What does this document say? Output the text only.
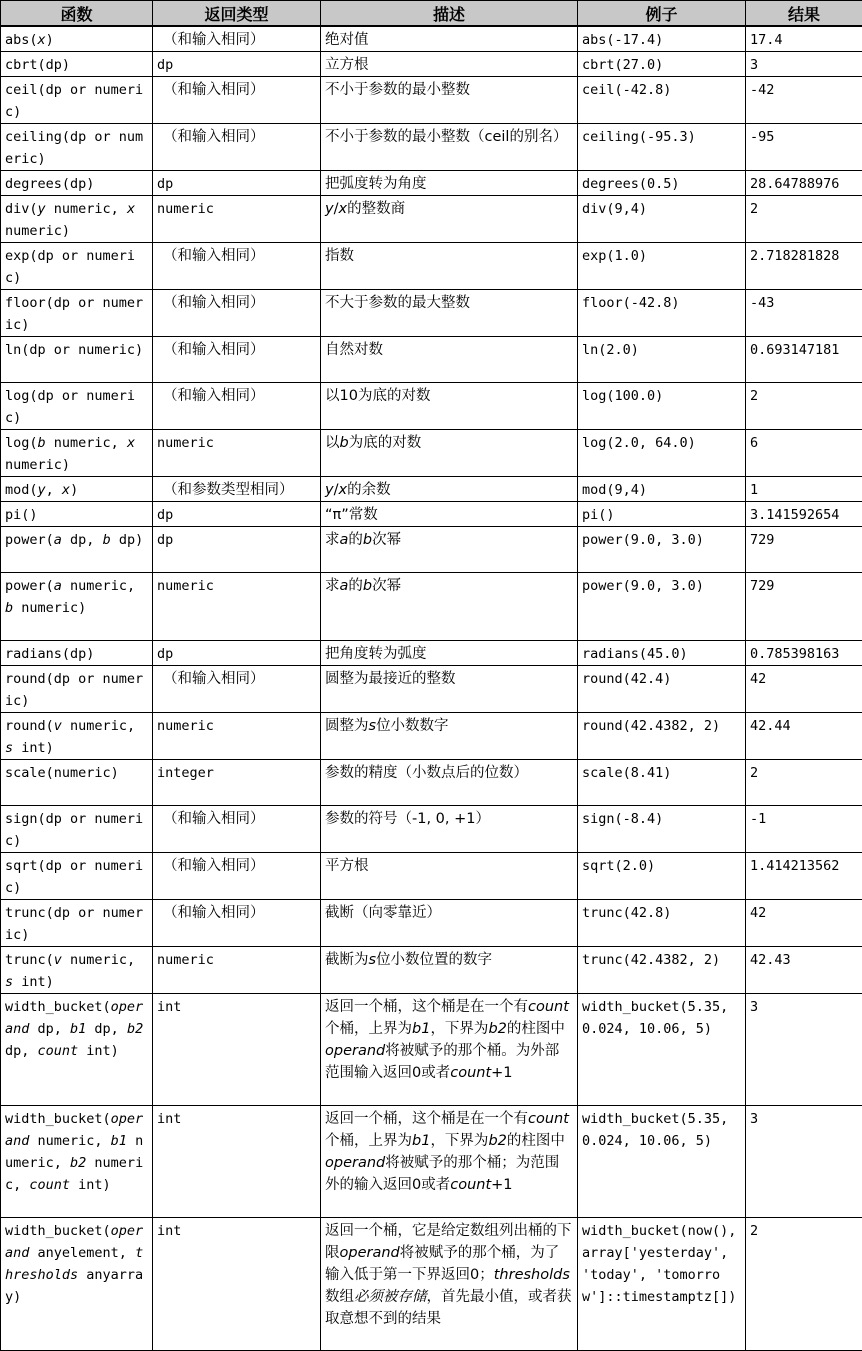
函数	返回类型	描述	例子	结果
abs(x)	（和输入相同）	绝对值	abs(-17.4)	17.4
cbrt(dp)	dp	立方根	cbrt(27.0)	3
ceil(dp or numeric)	（和输入相同）	不小于参数的最小整数	ceil(-42.8)	-42
ceiling(dp or numeric)	（和输入相同）	不小于参数的最小整数（ceil的别名）	ceiling(-95.3)	-95
degrees(dp)	dp	把弧度转为角度	degrees(0.5)	28.64788976
div(y numeric, x numeric)	numeric	y/x的整数商	div(9,4)	2
exp(dp or numeric)	（和输入相同）	指数	exp(1.0)	2.718281828
floor(dp or numeric)	（和输入相同）	不大于参数的最大整数	floor(-42.8)	-43
ln(dp or numeric)	（和输入相同）	自然对数	ln(2.0)	0.693147181
log(dp or numeric)	（和输入相同）	以10为底的对数	log(100.0)	2
log(b numeric, x numeric)	numeric	以b为底的对数	log(2.0, 64.0)	6
mod(y, x)	（和参数类型相同）	y/x的余数	mod(9,4)	1
pi()	dp	“π”常数	pi()	3.141592654
power(a dp, b dp)	dp	求a的b次幂	power(9.0, 3.0)	729
power(a numeric, b numeric)	numeric	求a的b次幂	power(9.0, 3.0)	729
radians(dp)	dp	把角度转为弧度	radians(45.0)	0.785398163
round(dp or numeric)	（和输入相同）	圆整为最接近的整数	round(42.4)	42
round(v numeric, s int)	numeric	圆整为s位小数数字	round(42.4382, 2)	42.44
scale(numeric)	integer	参数的精度（小数点后的位数）	scale(8.41)	2
sign(dp or numeric)	（和输入相同）	参数的符号（-1, 0, +1）	sign(-8.4)	-1
sqrt(dp or numeric)	（和输入相同）	平方根	sqrt(2.0)	1.414213562
trunc(dp or numeric)	（和输入相同）	截断（向零靠近）	trunc(42.8)	42
trunc(v numeric, s int)	numeric	截断为s位小数位置的数字	trunc(42.4382, 2)	42.43
width_bucket(operand dp, b1 dp, b2 dp, count int)	int	返回一个桶，这个桶是在一个有count个桶，上界为b1，下界为b2的柱图中operand将被赋予的那个桶。为外部范围输入返回0或者count+1	width_bucket(5.35, 0.024, 10.06, 5)	3
width_bucket(operand numeric, b1 numeric, b2 numeric, count int)	int	返回一个桶，这个桶是在一个有count个桶，上界为b1，下界为b2的柱图中operand将被赋予的那个桶；为范围外的输入返回0或者count+1	width_bucket(5.35, 0.024, 10.06, 5)	3
width_bucket(operand anyelement, thresholds anyarray)	int	返回一个桶，它是给定数组列出桶的下限operand将被赋予的那个桶，为了输入低于第一下界返回0；thresholds数组必须被存储，首先最小值，或者获取意想不到的结果	width_bucket(now(), array['yesterday', 'today', 'tomorrow']::timestamptz[])	2
